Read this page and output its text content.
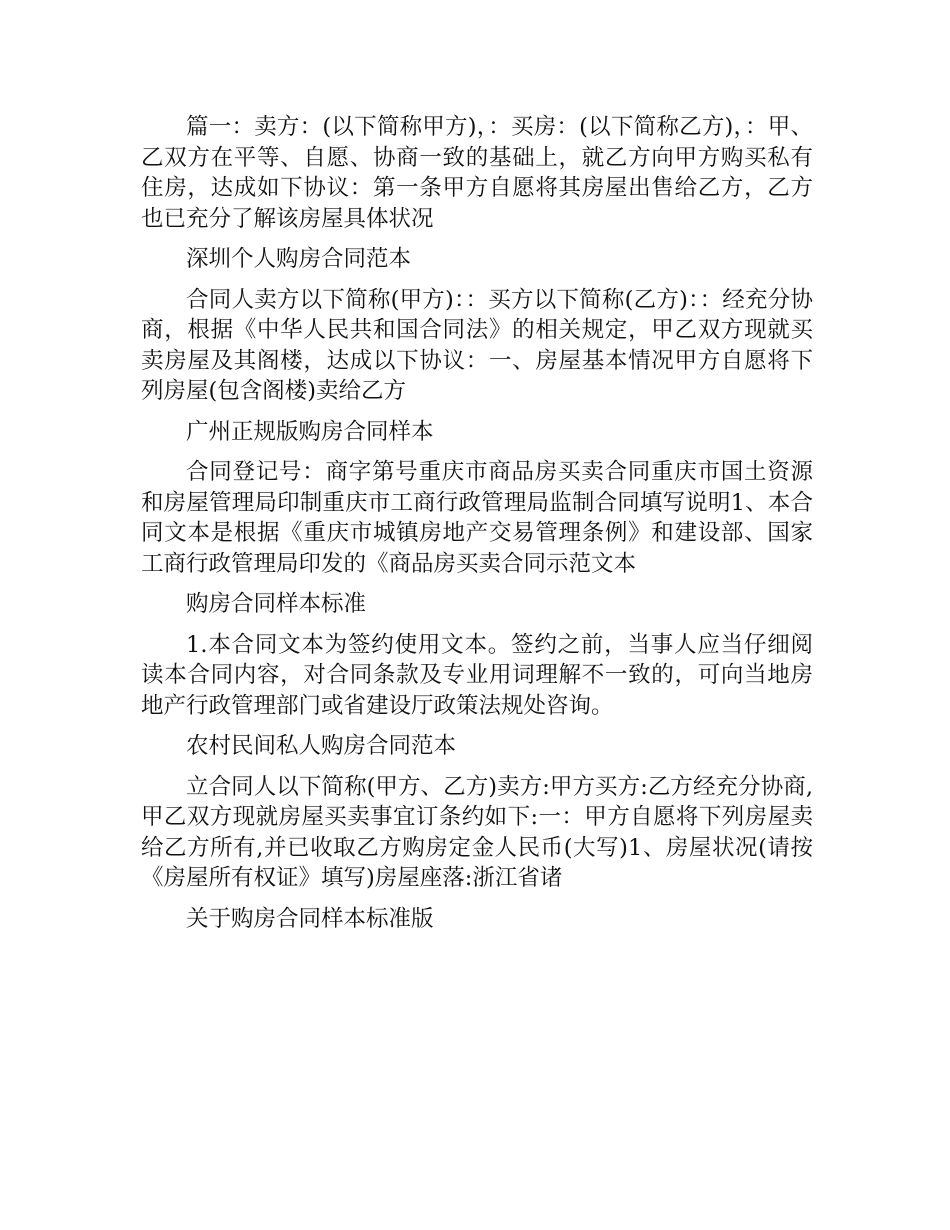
篇一：卖方：(以下简称甲方)，：买房：(以下简称乙方)，：甲、乙双方在平等、自愿、协商一致的基础上，就乙方向甲方购买私有住房，达成如下协议：第一条甲方自愿将其房屋出售给乙方，乙方也已充分了解该房屋具体状况

深圳个人购房合同范本

合同人卖方以下简称(甲方)：：买方以下简称(乙方)：：经充分协商，根据《中华人民共和国合同法》的相关规定，甲乙双方现就买卖房屋及其阁楼，达成以下协议：一、房屋基本情况甲方自愿将下列房屋(包含阁楼)卖给乙方

广州正规版购房合同样本

合同登记号：商字第号重庆市商品房买卖合同重庆市国土资源和房屋管理局印制重庆市工商行政管理局监制合同填写说明1、本合同文本是根据《重庆市城镇房地产交易管理条例》和建设部、国家工商行政管理局印发的《商品房买卖合同示范文本

购房合同样本标准

1.本合同文本为签约使用文本。签约之前，当事人应当仔细阅读本合同内容，对合同条款及专业用词理解不一致的，可向当地房地产行政管理部门或省建设厅政策法规处咨询。

农村民间私人购房合同范本

立合同人以下简称(甲方、乙方)卖方:甲方买方:乙方经充分协商,甲乙双方现就房屋买卖事宜订条约如下:一：甲方自愿将下列房屋卖给乙方所有,并已收取乙方购房定金人民币(大写)1、房屋状况(请按《房屋所有权证》填写)房屋座落:浙江省诸

关于购房合同样本标准版
